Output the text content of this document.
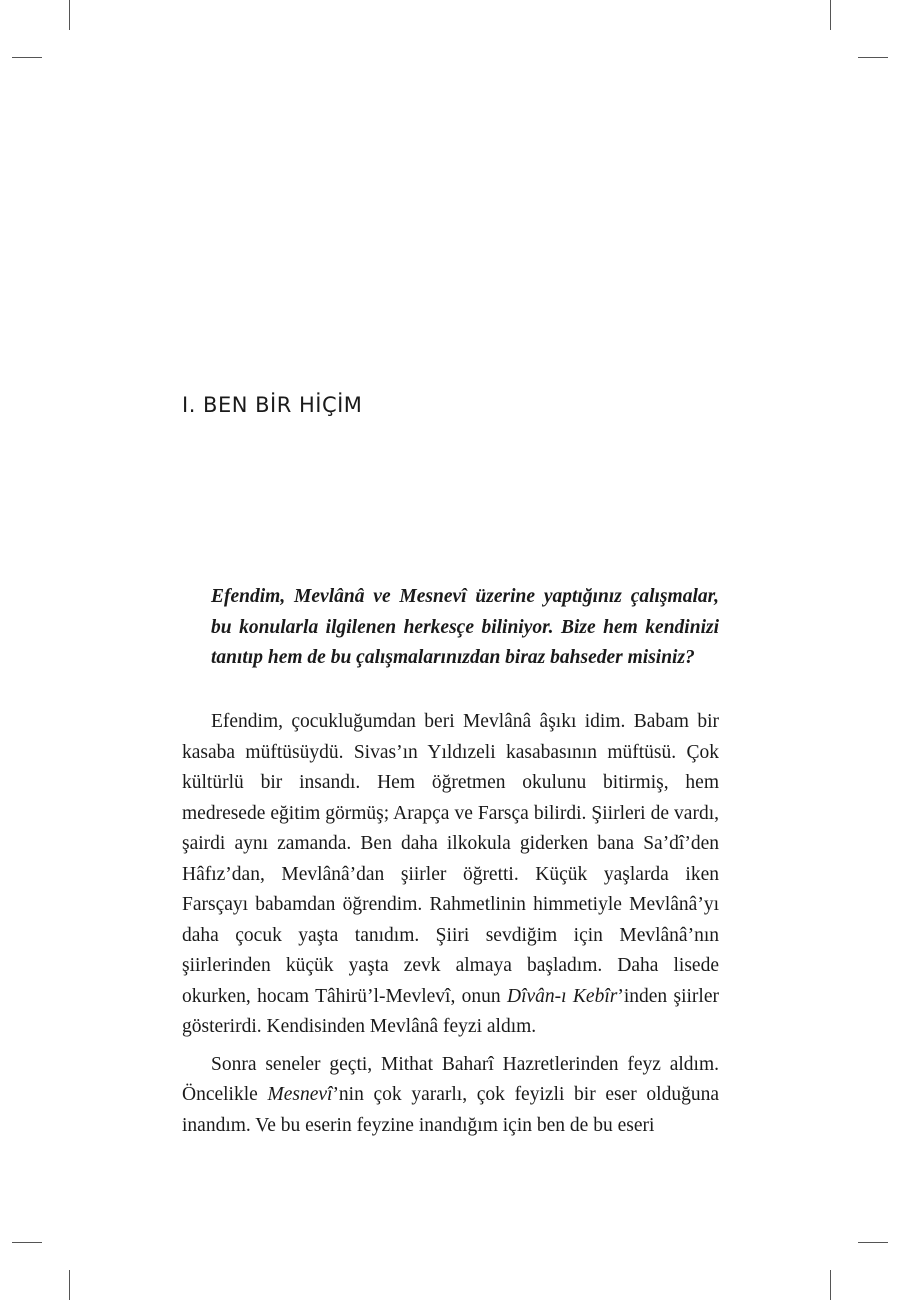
I. BEN BİR HİÇİM

Efendim, Mevlânâ ve Mesnevî üzerine yaptığınız çalışmalar, bu konularla ilgilenen herkesçe biliniyor. Bize hem kendinizi tanıtıp hem de bu çalışmalarınızdan biraz bahseder misiniz?

Efendim, çocukluğumdan beri Mevlânâ âşıkı idim. Babam bir kasaba müftüsüydü. Sivas’ın Yıldızeli kasabasının müftüsü. Çok kültürlü bir insandı. Hem öğretmen okulunu bitirmiş, hem medresede eğitim görmüş; Arapça ve Farsça bilirdi. Şiirleri de vardı, şairdi aynı zamanda. Ben daha ilkokula giderken bana Sa’dî’den Hâfız’dan, Mevlânâ’dan şiirler öğretti. Küçük yaşlarda iken Farsçayı babamdan öğrendim. Rahmetlinin himmetiyle Mevlânâ’yı daha çocuk yaşta tanıdım. Şiiri sevdiğim için Mevlânâ’nın şiirlerinden küçük yaşta zevk almaya başladım. Daha lisede okurken, hocam Tâhirü’l-Mevlevî, onun Dîvân-ı Kebîr’inden şiirler gösterirdi. Kendisinden Mevlânâ feyzi aldım.

Sonra seneler geçti, Mithat Baharî Hazretlerinden feyz aldım. Öncelikle Mesnevî’nin çok yararlı, çok feyizli bir eser olduğuna inandım. Ve bu eserin feyzine inandığım için ben de bu eseri
